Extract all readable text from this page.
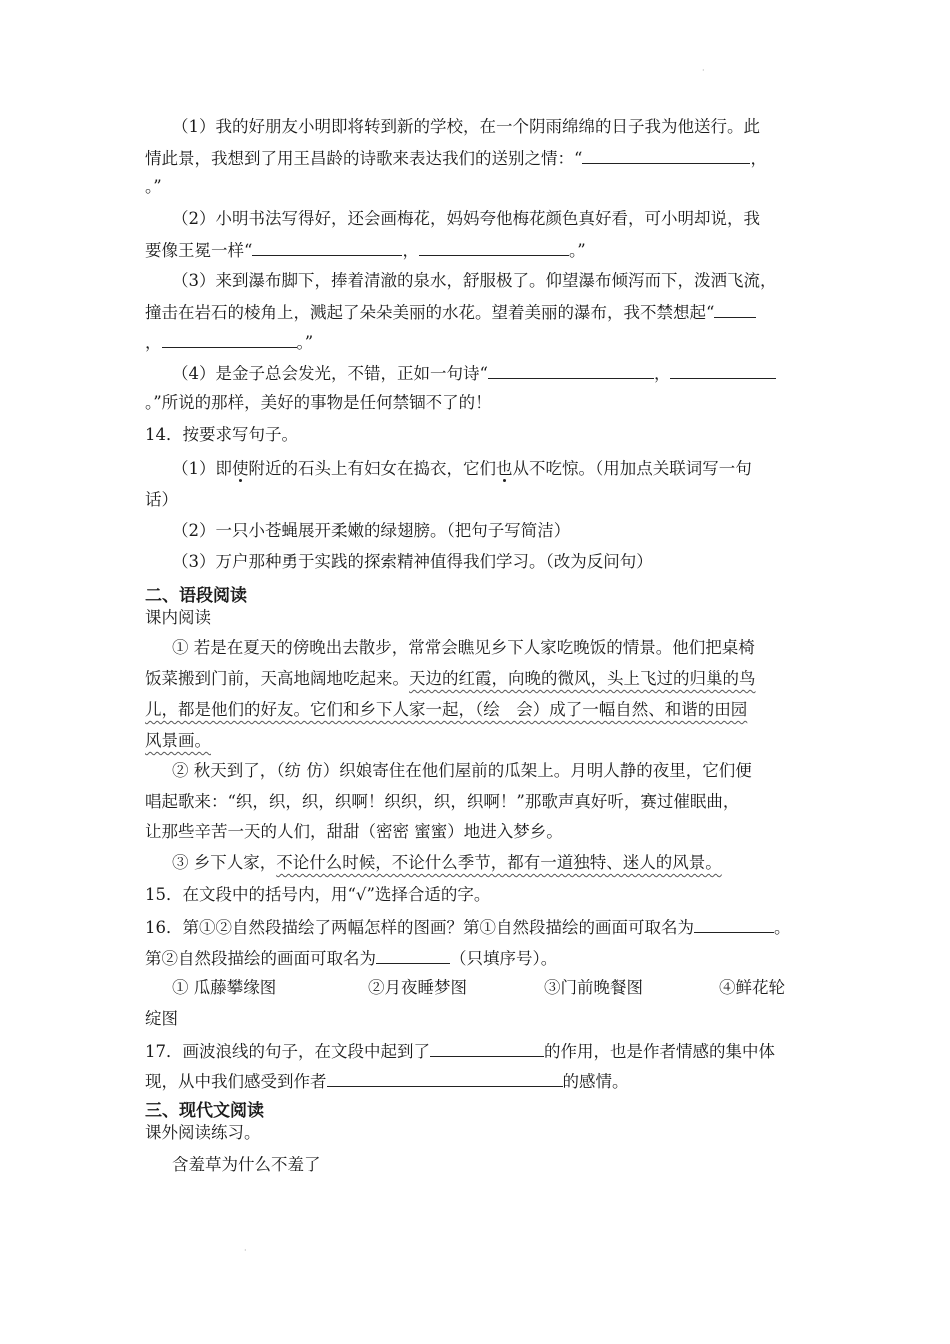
·
（1）我的好朋友小明即将转到新的学校，在一个阴雨绵绵的日子我为他送行。此
情此景，我想到了用王昌龄的诗歌来表达我们的送别之情：“	，
。”
（2）小明书法写得好，还会画梅花，妈妈夸他梅花颜色真好看，可小明却说，我
要像王冕一样“	，	。”
（3）来到瀑布脚下，捧着清澈的泉水，舒服极了。仰望瀑布倾泻而下，泼洒飞流，
撞击在岩石的棱角上，溅起了朵朵美丽的水花。望着美丽的瀑布，我不禁想起“
，	。”
（4）是金子总会发光，不错，正如一句诗“	，
。”所说的那样，美好的事物是任何禁锢不了的！
14．按要求写句子。
（1）即使附近的石头上有妇女在捣衣，它们也从不吃惊。（用加点关联词写一句
话）
（2）一只小苍蝇展开柔嫩的绿翅膀。（把句子写简洁）
（3）万户那种勇于实践的探索精神值得我们学习。（改为反问句）
二、语段阅读
课内阅读
① 若是在夏天的傍晚出去散步，常常会瞧见乡下人家吃晚饭的情景。他们把桌椅
饭菜搬到门前，天高地阔地吃起来。天边的红霞，向晚的微风，头上飞过的归巢的鸟
儿，都是他们的好友。它们和乡下人家一起，（绘　会）成了一幅自然、和谐的田园
风景画。
② 秋天到了，（纺 仿）织娘寄住在他们屋前的瓜架上。月明人静的夜里，它们便
唱起歌来：“织，织，织，织啊！织织，织，织啊！”那歌声真好听，赛过催眠曲，
让那些辛苦一天的人们，甜甜（密密 蜜蜜）地进入梦乡。
③ 乡下人家，不论什么时候，不论什么季节，都有一道独特、迷人的风景。
15．在文段中的括号内，用“√”选择合适的字。
16．第①②自然段描绘了两幅怎样的图画？第①自然段描绘的画面可取名为	。
第②自然段描绘的画面可取名为	（只填序号）。
① 瓜藤攀缘图	②月夜睡梦图	③门前晚餐图	④鲜花轮
绽图
17．画波浪线的句子，在文段中起到了	的作用，也是作者情感的集中体
现，从中我们感受到作者	的感情。
三、现代文阅读
课外阅读练习。
含羞草为什么不羞了
·
